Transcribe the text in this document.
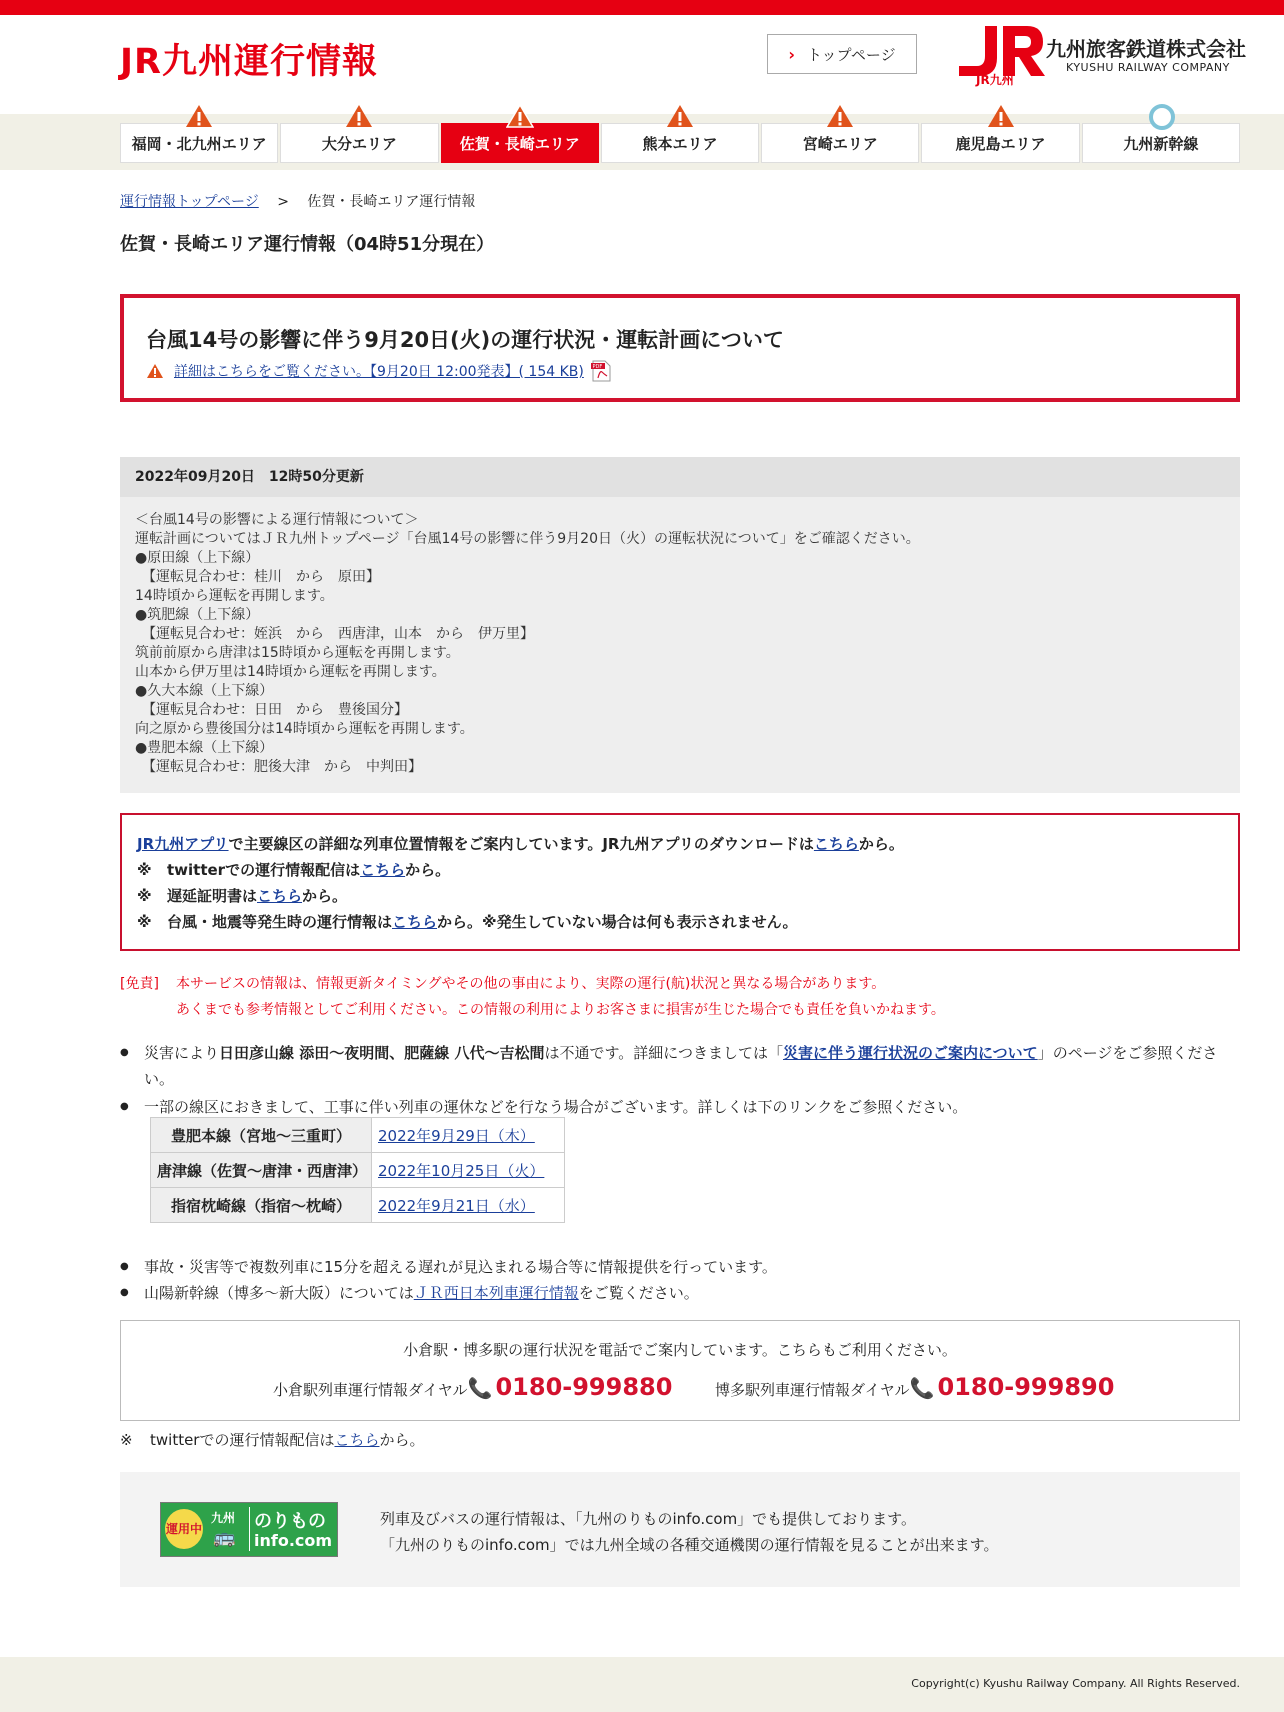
JR九州運行情報	› トップページ
JR九州
九州旅客鉄道株式会社
KYUSHU RAILWAY COMPANY
福岡・北九州エリア	大分エリア	佐賀・長崎エリア	熊本エリア	宮崎エリア	鹿児島エリア	九州新幹線
運行情報トップページ > 佐賀・長崎エリア運行情報
佐賀・長崎エリア運行情報（04時51分現在）
台風14号の影響に伴う9月20日(火)の運行状況・運転計画について
詳細はこちらをご覧ください。【9月20日 12:00発表】( 154 KB) PDF
2022年09月20日　12時50分更新
＜台風14号の影響による運行情報について＞
運転計画についてはＪＲ九州トップページ「台風14号の影響に伴う9月20日（火）の運転状況について」をご確認ください。
●原田線（上下線）
　【運転見合わせ：桂川　から　原田】
14時頃から運転を再開します。
●筑肥線（上下線）
　【運転見合わせ：姪浜　から　西唐津，山本　から　伊万里】
筑前前原から唐津は15時頃から運転を再開します。
山本から伊万里は14時頃から運転を再開します。
●久大本線（上下線）
　【運転見合わせ：日田　から　豊後国分】
向之原から豊後国分は14時頃から運転を再開します。
●豊肥本線（上下線）
　【運転見合わせ：肥後大津　から　中判田】
JR九州アプリで主要線区の詳細な列車位置情報をご案内しています。JR九州アプリのダウンロードはこちらから。
※ twitterでの運行情報配信はこちらから。
※ 遅延証明書はこちらから。
※ 台風・地震等発生時の運行情報はこちらから。※発生していない場合は何も表示されません。
[免責] 本サービスの情報は、情報更新タイミングやその他の事由により、実際の運行(航)状況と異なる場合があります。
あくまでも参考情報としてご利用ください。この情報の利用によりお客さまに損害が生じた場合でも責任を負いかねます。
● 災害により日田彦山線 添田～夜明間、肥薩線 八代～吉松間は不通です。詳細につきましては「災害に伴う運行状況のご案内について」のページをご参照ください。
● 一部の線区におきまして、工事に伴い列車の運休などを行なう場合がございます。詳しくは下のリンクをご参照ください。
豊肥本線（宮地～三重町）	2022年9月29日（木）
唐津線（佐賀～唐津・西唐津）	2022年10月25日（火）
指宿枕崎線（指宿～枕崎）	2022年9月21日（水）
● 事故・災害等で複数列車に15分を超える遅れが見込まれる場合等に情報提供を行っています。
● 山陽新幹線（博多～新大阪）についてはＪＲ西日本列車運行情報をご覧ください。
小倉駅・博多駅の運行状況を電話でご案内しています。こちらもご利用ください。
小倉駅列車運行情報ダイヤル 📞 0180-999880	博多駅列車運行情報ダイヤル 📞 0180-999890
※ twitterでの運行情報配信はこちらから。
運用中
九州
🚌
のりもの
info.com
列車及びバスの運行情報は、「九州のりものinfo.com」でも提供しております。
「九州のりものinfo.com」では九州全域の各種交通機関の運行情報を見ることが出来ます。
Copyright(c) Kyushu Railway Company. All Rights Reserved.
